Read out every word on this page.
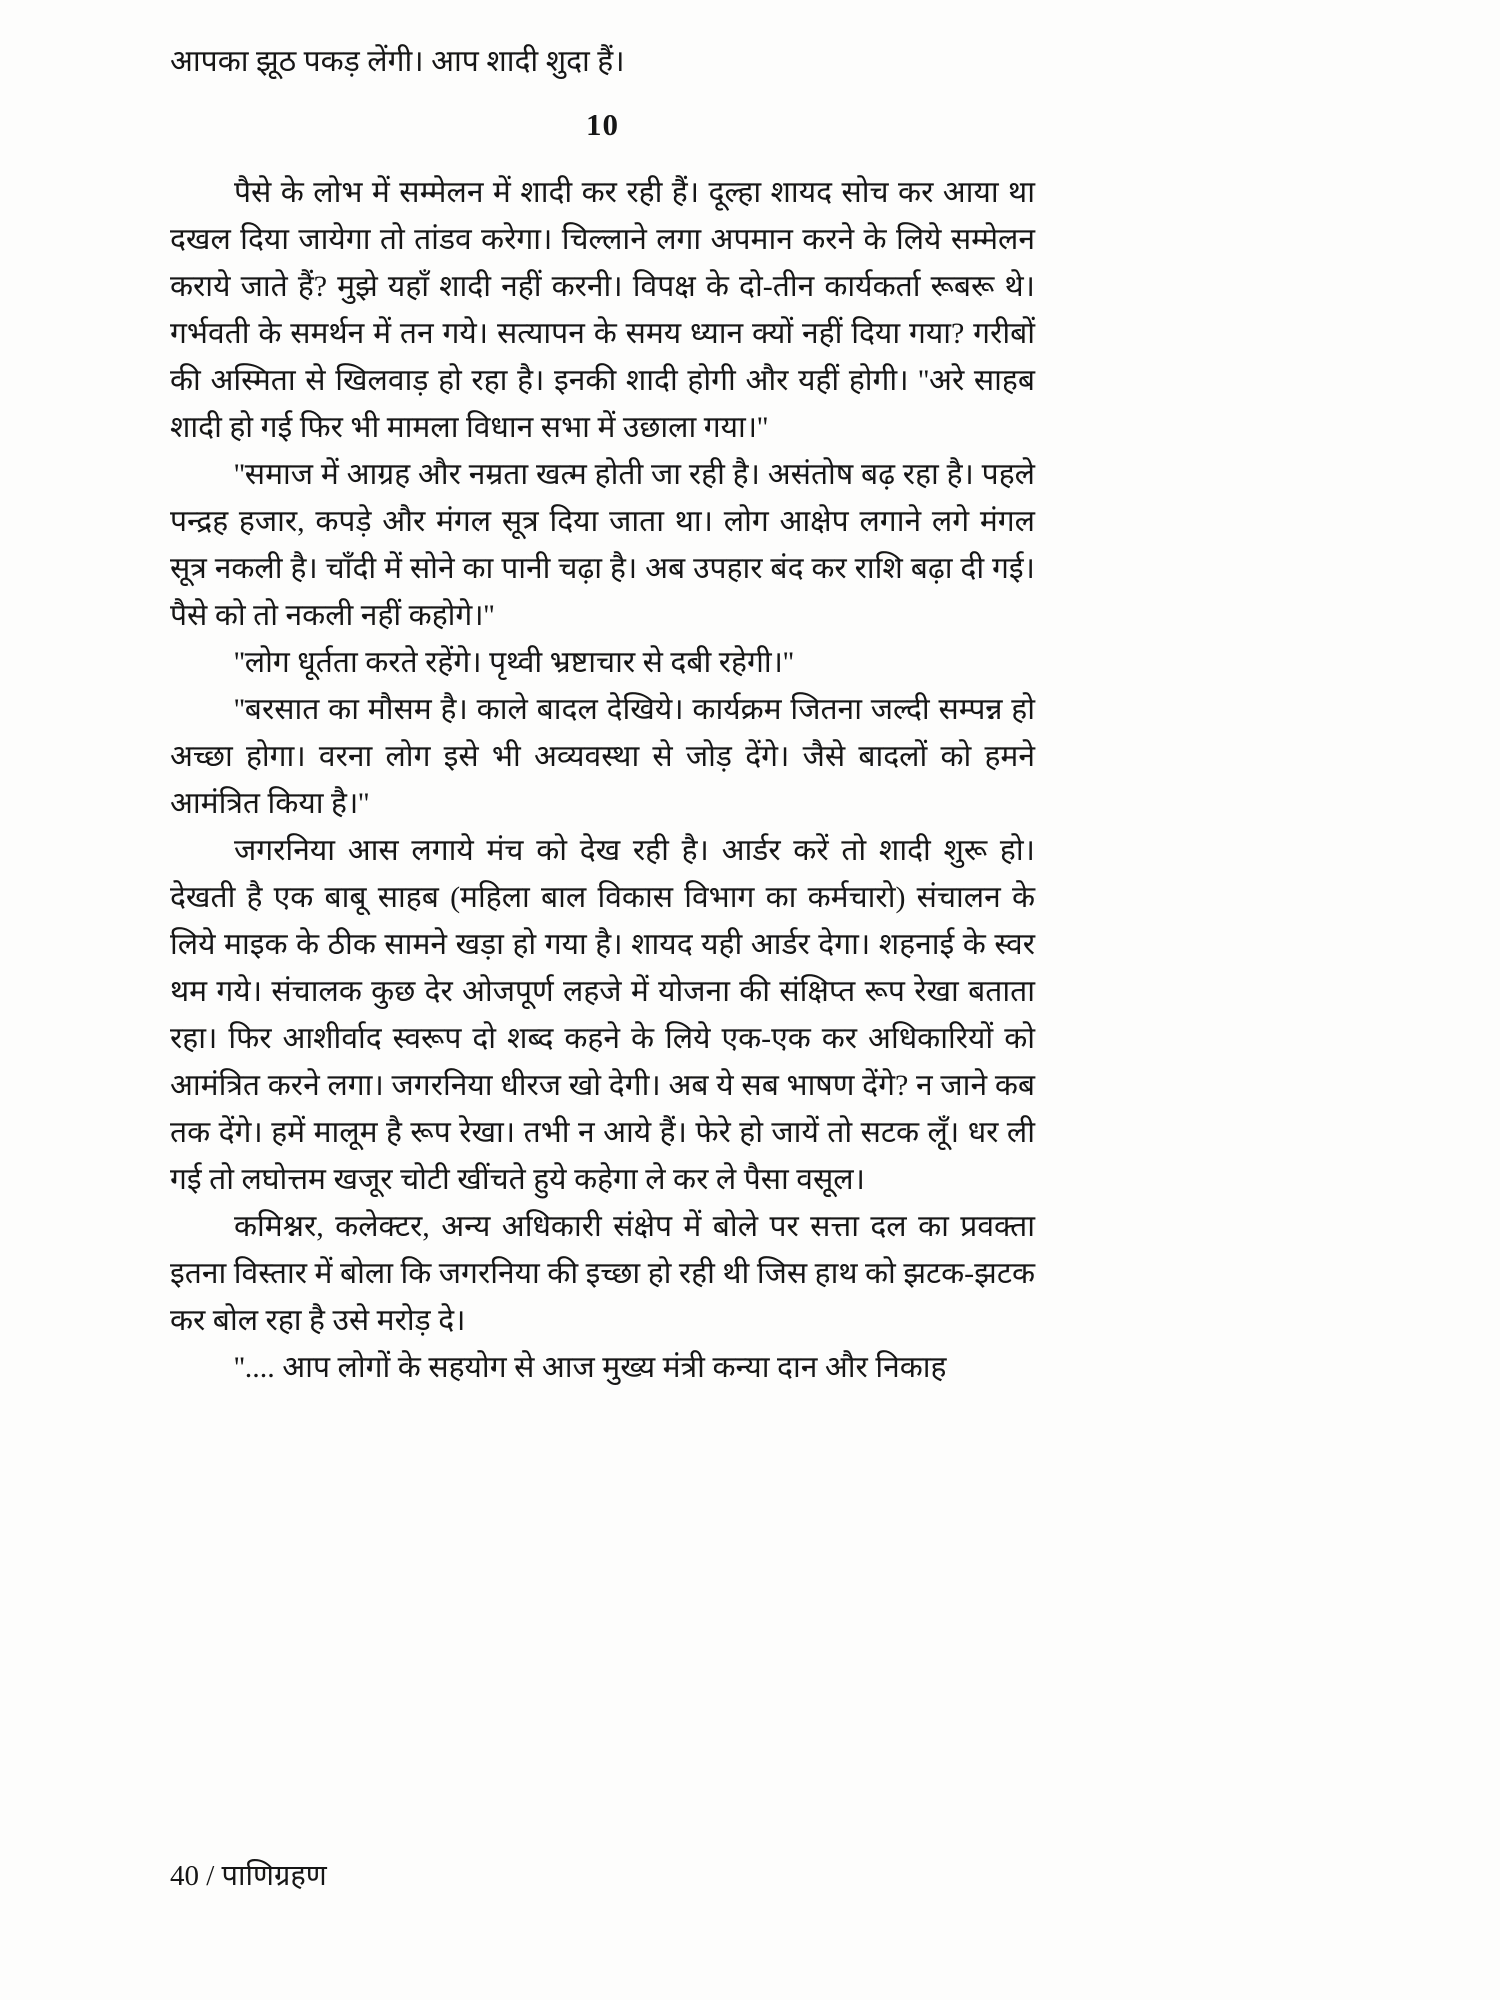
आपका झूठ पकड़ लेंगी। आप शादी शुदा हैं।

10

पैसे के लोभ में सम्मेलन में शादी कर रही हैं। दूल्हा शायद सोच कर आया था दखल दिया जायेगा तो तांडव करेगा। चिल्लाने लगा अपमान करने के लिये सम्मेलन कराये जाते हैं? मुझे यहाँ शादी नहीं करनी। विपक्ष के दो-तीन कार्यकर्ता रूबरू थे। गर्भवती के समर्थन में तन गये। सत्यापन के समय ध्यान क्यों नहीं दिया गया? गरीबों की अस्मिता से खिलवाड़ हो रहा है। इनकी शादी होगी और यहीं होगी। ''अरे साहब शादी हो गई फिर भी मामला विधान सभा में उछाला गया।''

''समाज में आग्रह और नम्रता खत्म होती जा रही है। असंतोष बढ़ रहा है। पहले पन्द्रह हजार, कपड़े और मंगल सूत्र दिया जाता था। लोग आक्षेप लगाने लगे मंगल सूत्र नकली है। चाँदी में सोने का पानी चढ़ा है। अब उपहार बंद कर राशि बढ़ा दी गई। पैसे को तो नकली नहीं कहोगे।''

''लोग धूर्तता करते रहेंगे। पृथ्वी भ्रष्टाचार से दबी रहेगी।''

''बरसात का मौसम है। काले बादल देखिये। कार्यक्रम जितना जल्दी सम्पन्न हो अच्छा होगा। वरना लोग इसे भी अव्यवस्था से जोड़ देंगे। जैसे बादलों को हमने आमंत्रित किया है।''

जगरनिया आस लगाये मंच को देख रही है। आर्डर करें तो शादी शुरू हो। देखती है एक बाबू साहब (महिला बाल विकास विभाग का कर्मचारो) संचालन के लिये माइक के ठीक सामने खड़ा हो गया है। शायद यही आर्डर देगा। शहनाई के स्वर थम गये। संचालक कुछ देर ओजपूर्ण लहजे में योजना की संक्षिप्त रूप रेखा बताता रहा। फिर आशीर्वाद स्वरूप दो शब्द कहने के लिये एक-एक कर अधिकारियों को आमंत्रित करने लगा। जगरनिया धीरज खो देगी। अब ये सब भाषण देंगे? न जाने कब तक देंगे। हमें मालूम है रूप रेखा। तभी न आये हैं। फेरे हो जायें तो सटक लूँ। धर ली गई तो लघोत्तम खजूर चोटी खींचते हुये कहेगा ले कर ले पैसा वसूल।

कमिश्नर, कलेक्टर, अन्य अधिकारी संक्षेप में बोले पर सत्ता दल का प्रवक्ता इतना विस्तार में बोला कि जगरनिया की इच्छा हो रही थी जिस हाथ को झटक-झटक कर बोल रहा है उसे मरोड़ दे।

''.... आप लोगों के सहयोग से आज मुख्य मंत्री कन्या दान और निकाह

40 / पाणिग्रहण
